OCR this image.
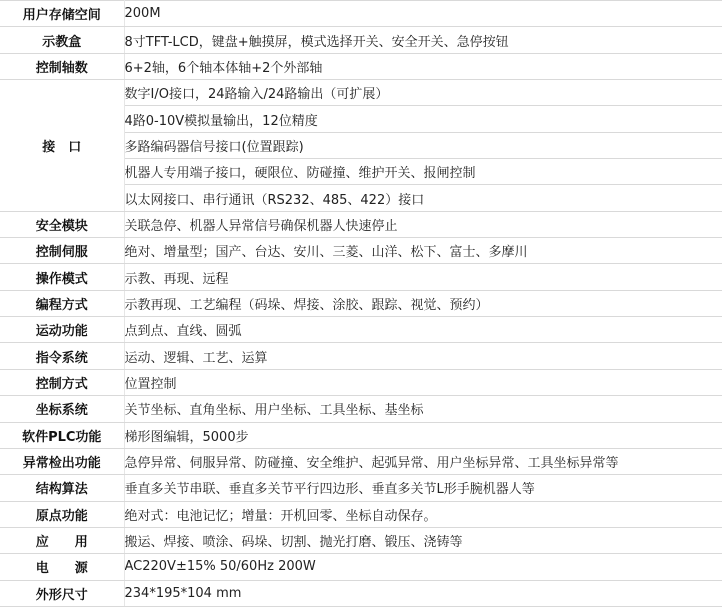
用户存储空间	200M
示教盒	8寸TFT-LCD，键盘+触摸屏，模式选择开关、安全开关、急停按钮
控制轴数	6+2轴，6个轴本体轴+2个外部轴
接　口	数字I/O接口，24路输入/24路输出（可扩展）
	4路0-10V模拟量输出，12位精度
	多路编码器信号接口(位置跟踪)
	机器人专用端子接口，硬限位、防碰撞、维护开关、报闸控制
	以太网接口、串行通讯（RS232、485、422）接口
安全模块	关联急停、机器人异常信号确保机器人快速停止
控制伺服	绝对、增量型；国产、台达、安川、三菱、山洋、松下、富士、多摩川
操作模式	示教、再现、远程
编程方式	示教再现、工艺编程（码垛、焊接、涂胶、跟踪、视觉、预约）
运动功能	点到点、直线、圆弧
指令系统	运动、逻辑、工艺、运算
控制方式	位置控制
坐标系统	关节坐标、直角坐标、用户坐标、工具坐标、基坐标
软件PLC功能	梯形图编辑，5000步
异常检出功能	急停异常、伺服异常、防碰撞、安全维护、起弧异常、用户坐标异常、工具坐标异常等
结构算法	垂直多关节串联、垂直多关节平行四边形、垂直多关节L形手腕机器人等
原点功能	绝对式：电池记忆；增量：开机回零、坐标自动保存。
应　　用	搬运、焊接、喷涂、码垛、切割、抛光打磨、锻压、浇铸等
电　　源	AC220V±15% 50/60Hz 200W
外形尺寸	234*195*104 mm
